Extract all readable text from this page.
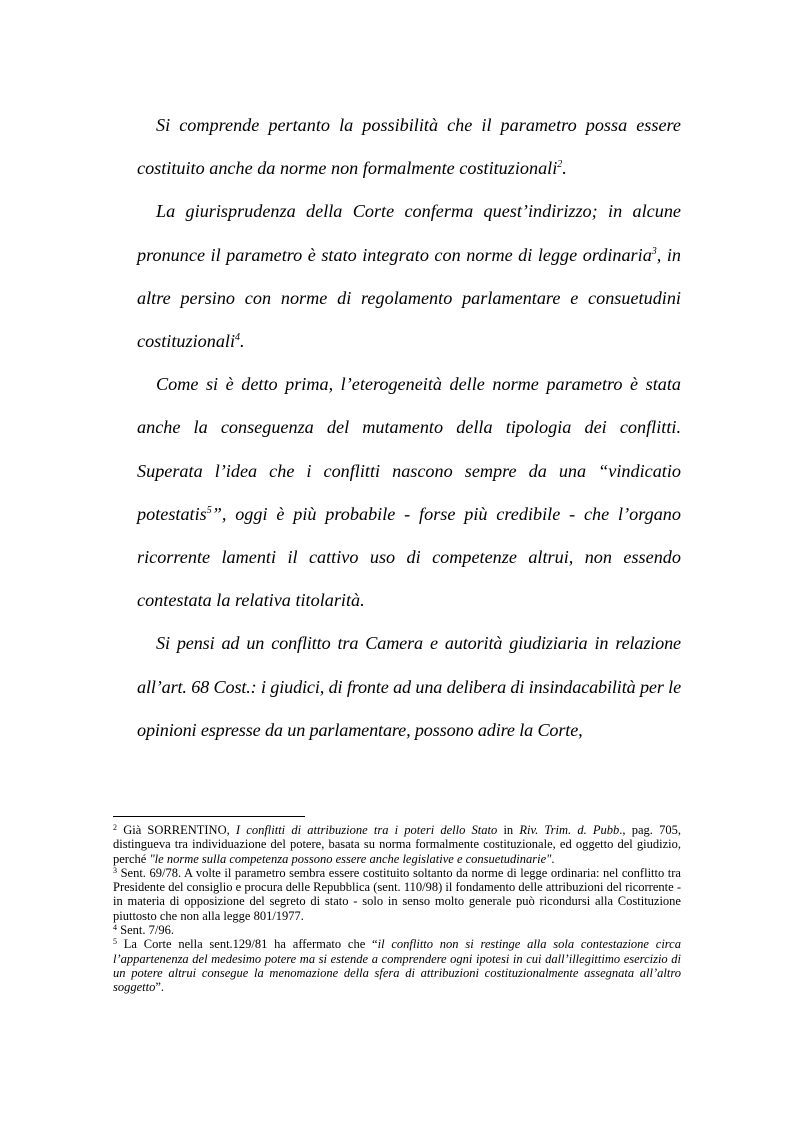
Si comprende pertanto la possibilità che il parametro possa essere costituito anche da norme non formalmente costituzionali$^2$.

La giurisprudenza della Corte conferma quest’indirizzo; in alcune pronunce il parametro è stato integrato con norme di legge ordinaria$^3$, in altre persino con norme di regolamento parlamentare e consuetudini costituzionali$^4$.

Come si è detto prima, l’eterogeneità delle norme parametro è stata anche la conseguenza del mutamento della tipologia dei conflitti. Superata l’idea che i conflitti nascono sempre da una “vindicatio potestatis$^5$”, oggi è più probabile - forse più credibile - che l’organo ricorrente lamenti il cattivo uso di competenze altrui, non essendo contestata la relativa titolarità.

Si pensi ad un conflitto tra Camera e autorità giudiziaria in relazione all’art. 68 Cost.: i giudici, di fronte ad una delibera di insindacabilità per le opinioni espresse da un parlamentare, possono adire la Corte,

$^2$ Già SORRENTINO, I conflitti di attribuzione tra i poteri dello Stato in Riv. Trim. d. Pubb., pag. 705, distingueva tra individuazione del potere, basata su norma formalmente costituzionale, ed oggetto del giudizio, perché "le norme sulla competenza possono essere anche legislative e consuetudinarie".

$^3$ Sent. 69/78. A volte il parametro sembra essere costituito soltanto da norme di legge ordinaria: nel conflitto tra Presidente del consiglio e procura delle Repubblica (sent. 110/98) il fondamento delle attribuzioni del ricorrente - in materia di opposizione del segreto di stato - solo in senso molto generale può ricondursi alla Costituzione piuttosto che non alla legge 801/1977.

$^4$ Sent. 7/96.

$^5$ La Corte nella sent.129/81 ha affermato che “il conflitto non si restinge alla sola contestazione circa l’appartenenza del medesimo potere ma si estende a comprendere ogni ipotesi in cui dall’illegittimo esercizio di un potere altrui consegue la menomazione della sfera di attribuzioni costituzionalmente assegnata all’altro soggetto”.
